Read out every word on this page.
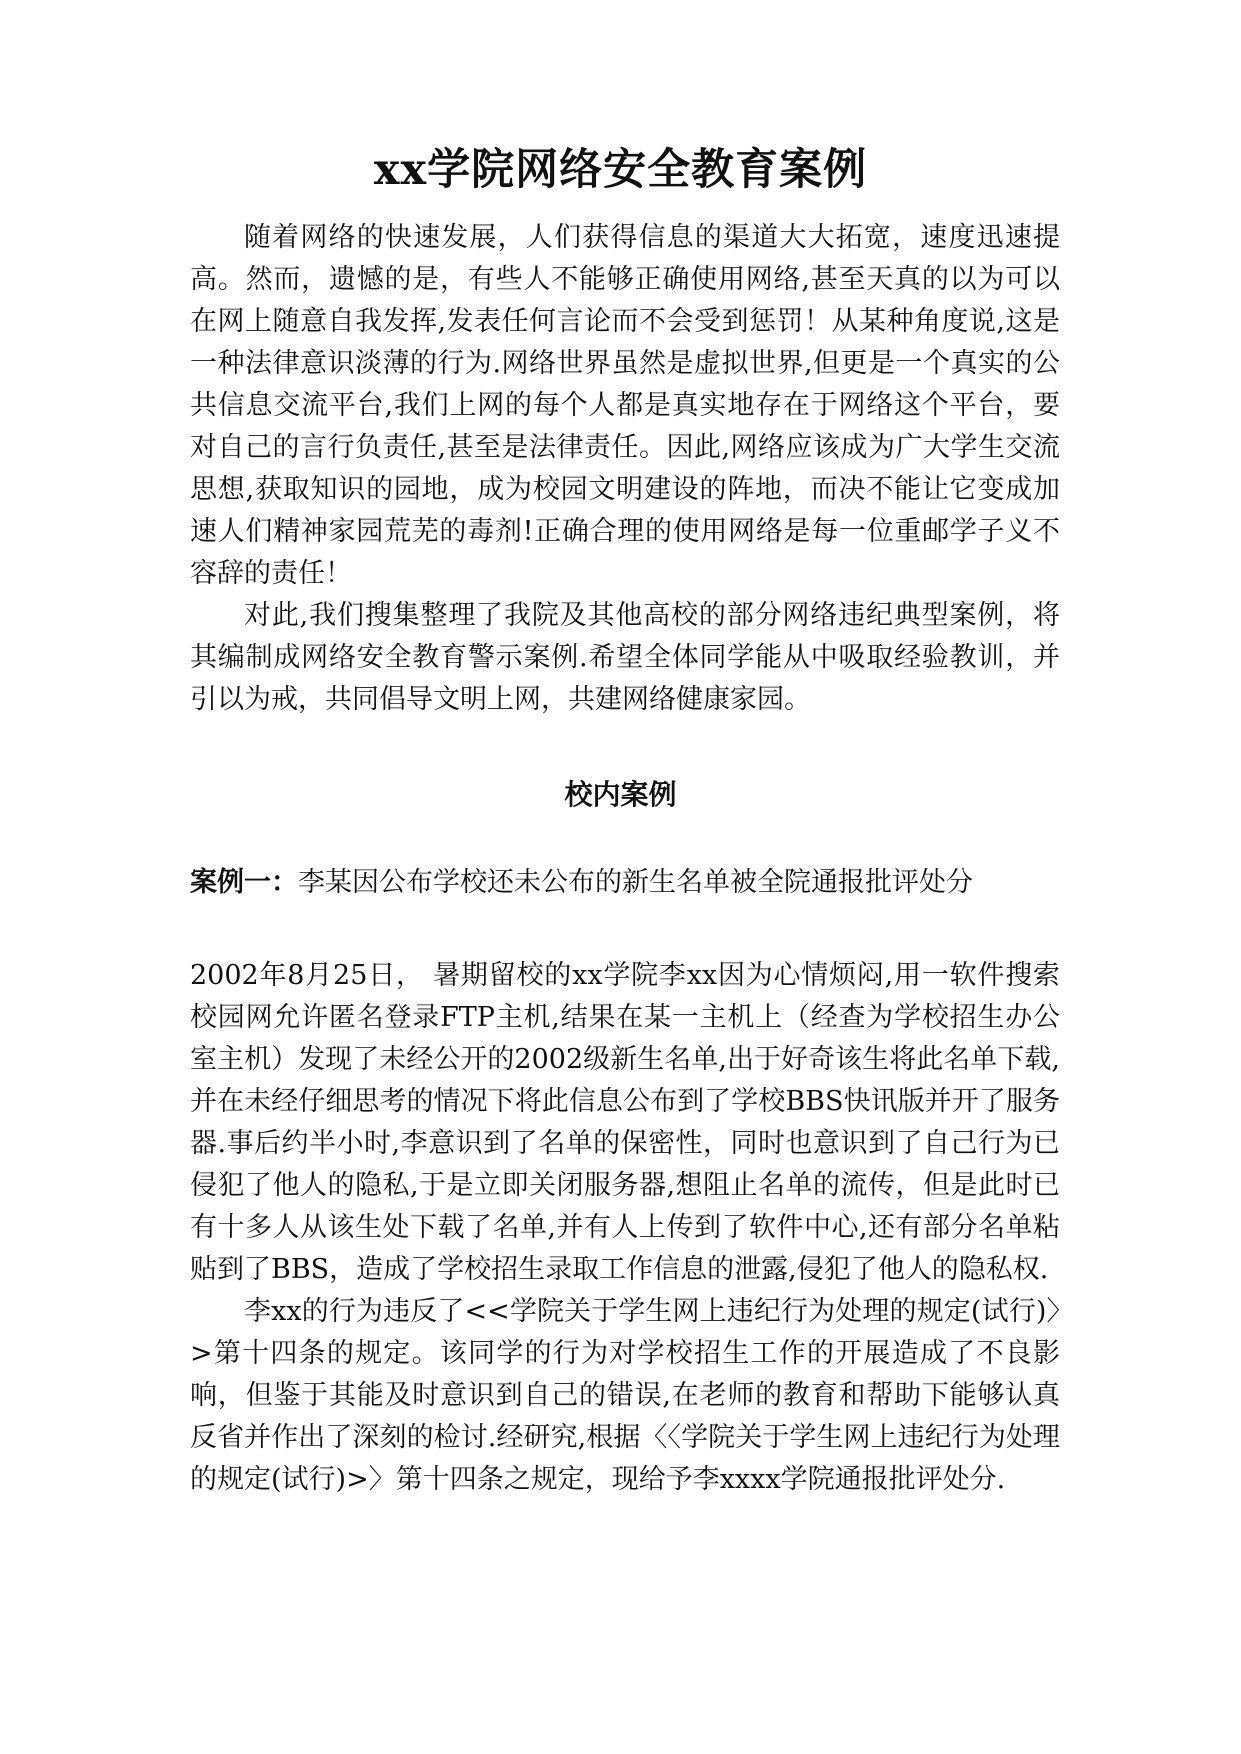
xx学院网络安全教育案例

随着网络的快速发展，人们获得信息的渠道大大拓宽，速度迅速提高。然而，遗憾的是，有些人不能够正确使用网络,甚至天真的以为可以在网上随意自我发挥,发表任何言论而不会受到惩罚！从某种角度说,这是一种法律意识淡薄的行为.网络世界虽然是虚拟世界,但更是一个真实的公共信息交流平台,我们上网的每个人都是真实地存在于网络这个平台，要对自己的言行负责任,甚至是法律责任。因此,网络应该成为广大学生交流思想,获取知识的园地，成为校园文明建设的阵地，而决不能让它变成加速人们精神家园荒芜的毒剂!正确合理的使用网络是每一位重邮学子义不容辞的责任！

对此,我们搜集整理了我院及其他高校的部分网络违纪典型案例，将其编制成网络安全教育警示案例.希望全体同学能从中吸取经验教训，并引以为戒，共同倡导文明上网，共建网络健康家园。

校内案例

案例一：李某因公布学校还未公布的新生名单被全院通报批评处分

2002年8月25日， 暑期留校的xx学院李xx因为心情烦闷,用一软件搜索校园网允许匿名登录FTP主机,结果在某一主机上（经查为学校招生办公室主机）发现了未经公开的2002级新生名单,出于好奇该生将此名单下载,并在未经仔细思考的情况下将此信息公布到了学校BBS快讯版并开了服务器.事后约半小时,李意识到了名单的保密性，同时也意识到了自己行为已侵犯了他人的隐私,于是立即关闭服务器,想阻止名单的流传，但是此时已有十多人从该生处下载了名单,并有人上传到了软件中心,还有部分名单粘贴到了BBS，造成了学校招生录取工作信息的泄露,侵犯了他人的隐私权.

李xx的行为违反了<<学院关于学生网上违纪行为处理的规定(试行)〉>第十四条的规定。该同学的行为对学校招生工作的开展造成了不良影响，但鉴于其能及时意识到自己的错误,在老师的教育和帮助下能够认真反省并作出了深刻的检讨.经研究,根据〈〈学院关于学生网上违纪行为处理的规定(试行)>〉第十四条之规定，现给予李xxxx学院通报批评处分.
